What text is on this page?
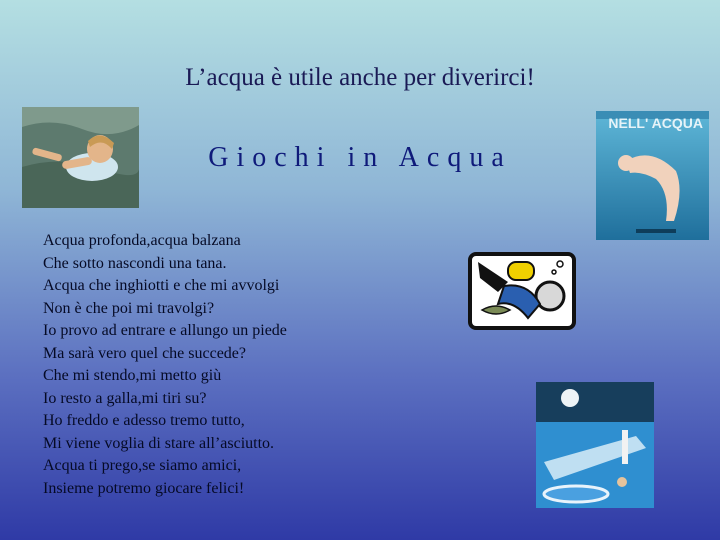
L’acqua è utile anche per diverirci!
Giochi in Acqua
NELL' ACQUA
Acqua profonda,acqua balzana
Che sotto nascondi una tana.
Acqua che inghiotti e che mi avvolgi
Non è che poi mi travolgi?
Io provo ad entrare e allungo un piede
Ma sarà vero quel che succede?
Che mi stendo,mi metto giù
Io resto a galla,mi tiri su?
Ho freddo e adesso tremo tutto,
Mi viene voglia di stare all’asciutto.
Acqua ti prego,se siamo amici,
Insieme potremo giocare felici!
